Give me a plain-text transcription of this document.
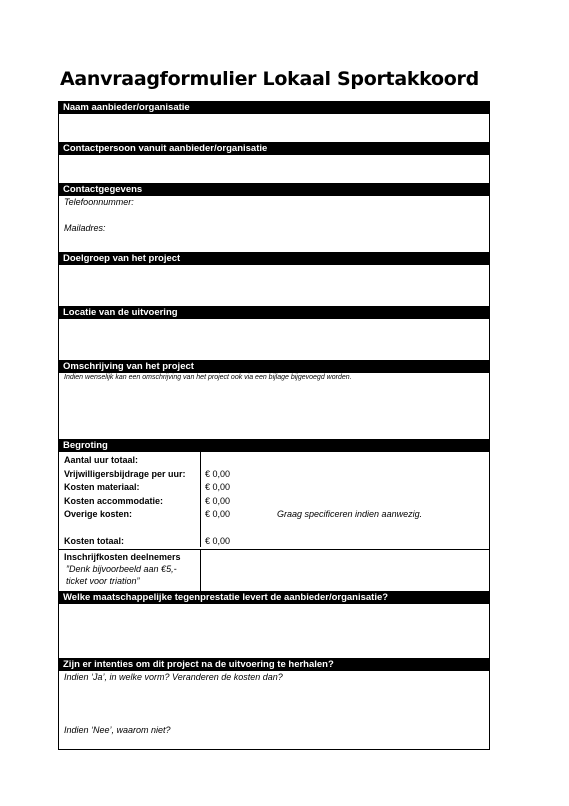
Aanvraagformulier Lokaal Sportakkoord
Naam aanbieder/organisatie
Contactpersoon vanuit aanbieder/organisatie
Contactgegevens
Telefoonnummer:
Mailadres:
Doelgroep van het project
Locatie van de uitvoering
Omschrijving van het project
Indien wenselijk kan een omschrijving van het project ook via een bijlage bijgevoegd worden.
Begroting
Aantal uur totaal:
Vrijwilligersbijdrage per uur:
Kosten materiaal:
Kosten accommodatie:
Overige kosten:
Kosten totaal:
€ 0,00
€ 0,00
€ 0,00
€ 0,00	Graag specificeren indien aanwezig.
€ 0,00
Inschrijfkosten deelnemers
”Denk bijvoorbeeld aan €5,-ticket voor triation”
Welke maatschappelijke tegenprestatie levert de aanbieder/organisatie?
Zijn er intenties om dit project na de uitvoering te herhalen?
Indien ‘Ja’, in welke vorm? Veranderen de kosten dan?
Indien ‘Nee’, waarom niet?
